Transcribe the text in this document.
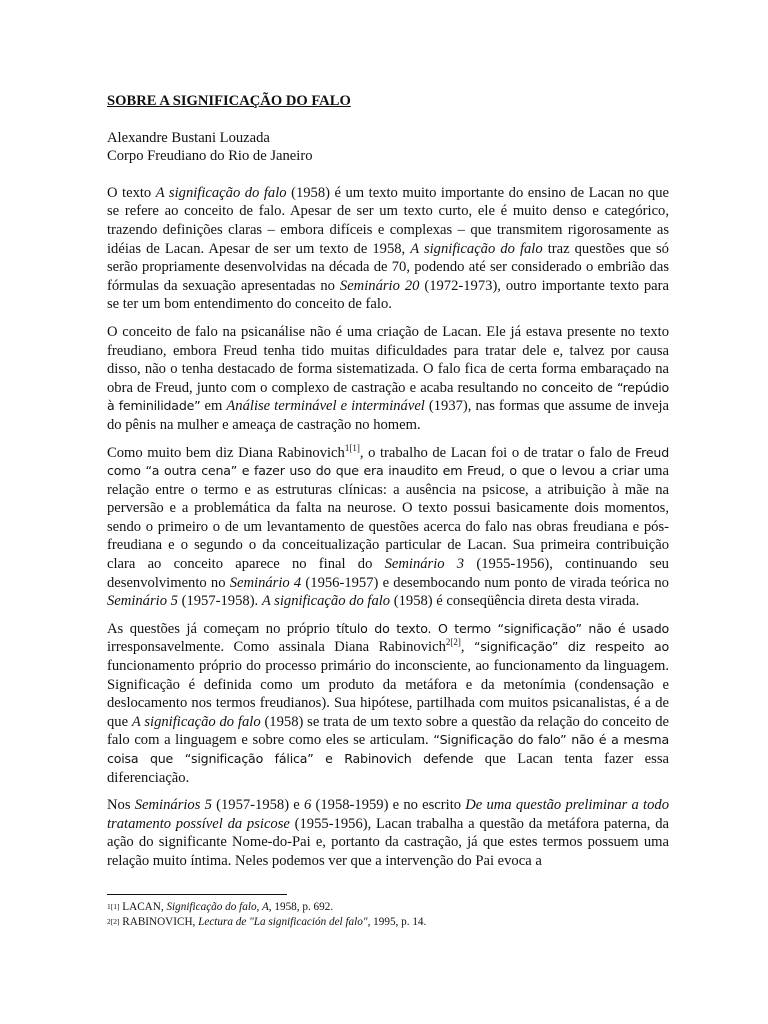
SOBRE A SIGNIFICAÇÃO DO FALO
Alexandre Bustani Louzada
Corpo Freudiano do Rio de Janeiro

O texto A significação do falo (1958) é um texto muito importante do ensino de Lacan no que se refere ao conceito de falo. Apesar de ser um texto curto, ele é muito denso e categórico, trazendo definições claras – embora difíceis e complexas – que transmitem rigorosamente as idéias de Lacan. Apesar de ser um texto de 1958, A significação do falo traz questões que só serão propriamente desenvolvidas na década de 70, podendo até ser considerado o embrião das fórmulas da sexuação apresentadas no Seminário 20 (1972-1973), outro importante texto para se ter um bom entendimento do conceito de falo.

O conceito de falo na psicanálise não é uma criação de Lacan. Ele já estava presente no texto freudiano, embora Freud tenha tido muitas dificuldades para tratar dele e, talvez por causa disso, não o tenha destacado de forma sistematizada. O falo fica de certa forma embaraçado na obra de Freud, junto com o complexo de castração e acaba resultando no conceito de “repúdio à feminilidade” em Análise terminável e interminável (1937), nas formas que assume de inveja do pênis na mulher e ameaça de castração no homem.

Como muito bem diz Diana Rabinovich$^{1[1]}$, o trabalho de Lacan foi o de tratar o falo de Freud como “a outra cena” e fazer uso do que era inaudito em Freud, o que o levou a criar uma relação entre o termo e as estruturas clínicas: a ausência na psicose, a atribuição à mãe na perversão e a problemática da falta na neurose. O texto possui basicamente dois momentos, sendo o primeiro o de um levantamento de questões acerca do falo nas obras freudiana e pós-freudiana e o segundo o da conceitualização particular de Lacan. Sua primeira contribuição clara ao conceito aparece no final do Seminário 3 (1955-1956), continuando seu desenvolvimento no Seminário 4 (1956-1957) e desembocando num ponto de virada teórica no Seminário 5 (1957-1958). A significação do falo (1958) é conseqüência direta desta virada.

As questões já começam no próprio título do texto. O termo “significação” não é usado irresponsavelmente. Como assinala Diana Rabinovich$^{2[2]}$, “significação” diz respeito ao funcionamento próprio do processo primário do inconsciente, ao funcionamento da linguagem. Significação é definida como um produto da metáfora e da metonímia (condensação e deslocamento nos termos freudianos). Sua hipótese, partilhada com muitos psicanalistas, é a de que A significação do falo (1958) se trata de um texto sobre a questão da relação do conceito de falo com a linguagem e sobre como eles se articulam. “Significação do falo” não é a mesma coisa que “significação fálica” e Rabinovich defende que Lacan tenta fazer essa diferenciação.

Nos Seminários 5 (1957-1958) e 6 (1958-1959) e no escrito De uma questão preliminar a todo tratamento possível da psicose (1955-1956), Lacan trabalha a questão da metáfora paterna, da ação do significante Nome-do-Pai e, portanto da castração, já que estes termos possuem uma relação muito íntima. Neles podemos ver que a intervenção do Pai evoca a

$^{1[1]}$ LACAN, Significação do falo, A, 1958, p. 692.
$^{2[2]}$ RABINOVICH, Lectura de "La significación del falo", 1995, p. 14.
